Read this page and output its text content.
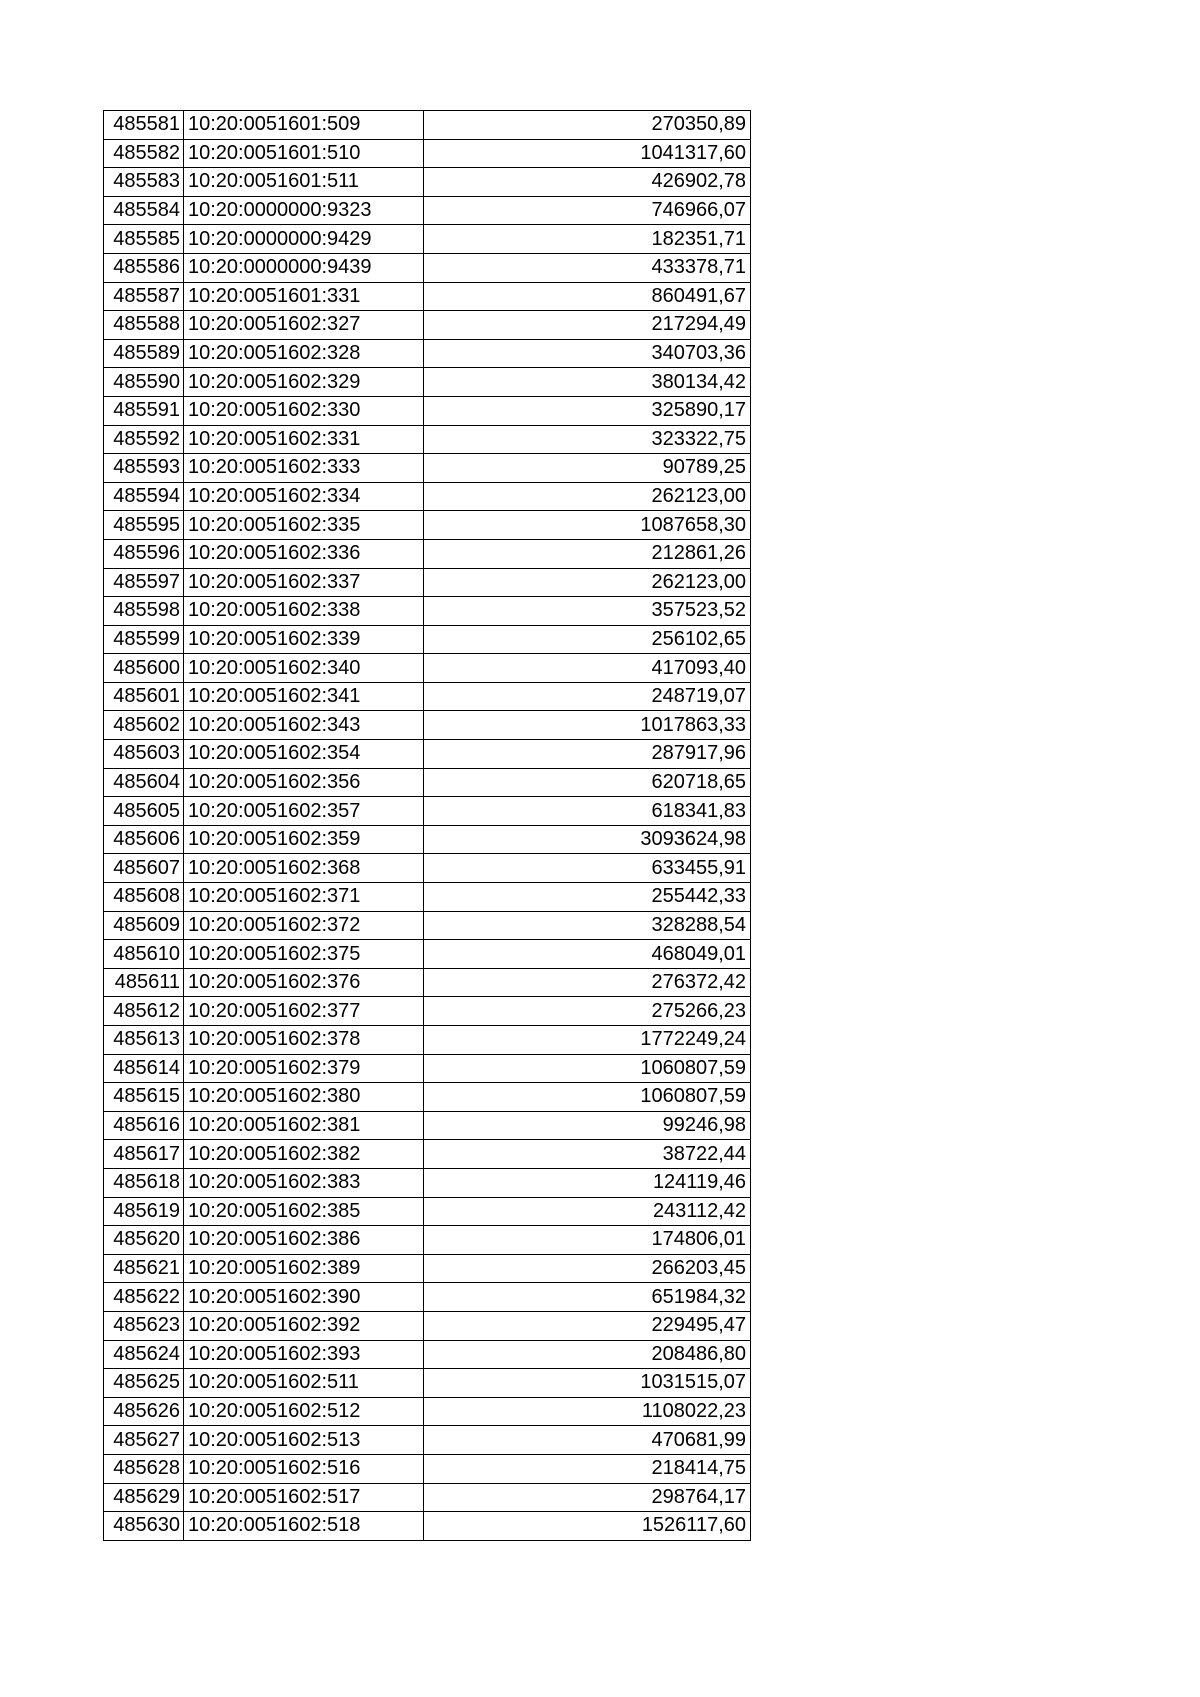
485581	10:20:0051601:509	270350,89
485582	10:20:0051601:510	1041317,60
485583	10:20:0051601:511	426902,78
485584	10:20:0000000:9323	746966,07
485585	10:20:0000000:9429	182351,71
485586	10:20:0000000:9439	433378,71
485587	10:20:0051601:331	860491,67
485588	10:20:0051602:327	217294,49
485589	10:20:0051602:328	340703,36
485590	10:20:0051602:329	380134,42
485591	10:20:0051602:330	325890,17
485592	10:20:0051602:331	323322,75
485593	10:20:0051602:333	90789,25
485594	10:20:0051602:334	262123,00
485595	10:20:0051602:335	1087658,30
485596	10:20:0051602:336	212861,26
485597	10:20:0051602:337	262123,00
485598	10:20:0051602:338	357523,52
485599	10:20:0051602:339	256102,65
485600	10:20:0051602:340	417093,40
485601	10:20:0051602:341	248719,07
485602	10:20:0051602:343	1017863,33
485603	10:20:0051602:354	287917,96
485604	10:20:0051602:356	620718,65
485605	10:20:0051602:357	618341,83
485606	10:20:0051602:359	3093624,98
485607	10:20:0051602:368	633455,91
485608	10:20:0051602:371	255442,33
485609	10:20:0051602:372	328288,54
485610	10:20:0051602:375	468049,01
485611	10:20:0051602:376	276372,42
485612	10:20:0051602:377	275266,23
485613	10:20:0051602:378	1772249,24
485614	10:20:0051602:379	1060807,59
485615	10:20:0051602:380	1060807,59
485616	10:20:0051602:381	99246,98
485617	10:20:0051602:382	38722,44
485618	10:20:0051602:383	124119,46
485619	10:20:0051602:385	243112,42
485620	10:20:0051602:386	174806,01
485621	10:20:0051602:389	266203,45
485622	10:20:0051602:390	651984,32
485623	10:20:0051602:392	229495,47
485624	10:20:0051602:393	208486,80
485625	10:20:0051602:511	1031515,07
485626	10:20:0051602:512	1108022,23
485627	10:20:0051602:513	470681,99
485628	10:20:0051602:516	218414,75
485629	10:20:0051602:517	298764,17
485630	10:20:0051602:518	1526117,60
